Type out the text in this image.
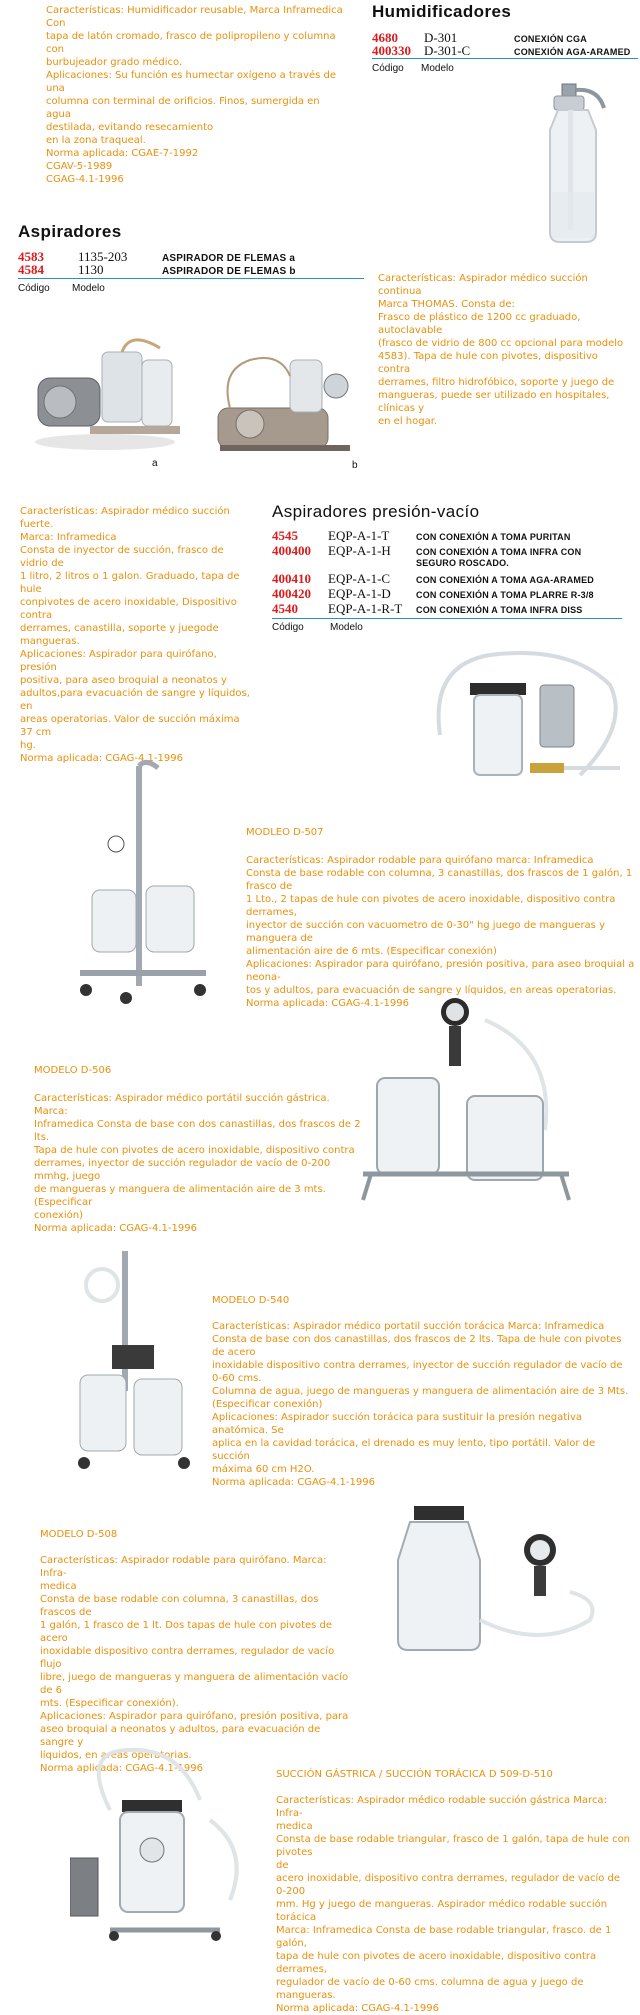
Características: Humidificador reusable, Marca Inframedica Con

tapa de latón cromado, frasco de polipropileno y columna con

burbujeador grado médico.

Aplicaciones: Su función es humectar oxígeno a través de una

columna con terminal de orificios. Finos, sumergida en agua

destilada, evitando resecamiento

en la zona traqueal.

Norma aplicada: CGAE-7-1992

CGAV-5-1989

CGAG-4.1-1996

Humidificadores
4680	D-301	CONEXIÓN CGA
400330	D-301-C	CONEXIÓN AGA-ARAMED
Código Modelo
Aspiradores
4583	1135-203	ASPIRADOR DE FLEMAS a
4584	1130	ASPIRADOR DE FLEMAS b
Código Modelo

Características: Aspirador médico succión continua

Marca THOMAS. Consta de:

Frasco de plástico de 1200 cc graduado, autoclavable

(frasco de vidrio de 800 cc opcional para modelo

4583). Tapa de hule con pivotes, dispositivo contra

derrames, filtro hidrofóbico, soporte y juego de

mangueras, puede ser utilizado en hospitales, clínicas y

en el hogar.

a	b

Características: Aspirador médico succión fuerte.

Marca: Inframedica

Consta de inyector de succión, frasco de vidrio de

1 litro, 2 litros o 1 galon. Graduado, tapa de hule

conpivotes de acero inoxidable, Dispositivo contra

derrames, canastilla, soporte y juegode

mangueras.

Aplicaciones: Aspirador para quirófano, presión

positiva, para aseo broquial a neonatos y

adultos,para evacuación de sangre y líquidos, en

areas operatorias. Valor de succión máxima 37 cm

hg.

Norma aplicada: CGAG-4.1-1996

Aspiradores presión-vacío
4545	EQP-A-1-T	CON CONEXIÓN A TOMA PURITAN
400400	EQP-A-1-H	CON CONEXIÓN A TOMA INFRA CON
SEGURO ROSCADO.
400410	EQP-A-1-C	CON CONEXIÓN A TOMA AGA-ARAMED
400420	EQP-A-1-D	CON CONEXIÓN A TOMA PLARRE R-3/8
4540	EQP-A-1-R-T	CON CONEXIÓN A TOMA INFRA DISS
Código	Modelo
MODLEO D-507

Características: Aspirador rodable para quirófano marca: Inframedica

Consta de base rodable con columna, 3 canastillas, dos frascos de 1 galón, 1 frasco de

1 Lto., 2 tapas de hule con pivotes de acero inoxidable, dispositivo contra derrames,

inyector de succión con vacuometro de 0-30" hg juego de mangueras y manguera de

alimentación aire de 6 mts. (Especificar conexión)

Aplicaciones: Aspirador para quirófano, presión positiva, para aseo broquial a neona-

tos y adultos, para evacuación de sangre y líquidos, en areas operatorias.

Norma aplicada: CGAG-4.1-1996

MODELO D-506

Características: Aspirador médico portátil succión gástrica. Marca:

Inframedica Consta de base con dos canastillas, dos frascos de 2 lts.

Tapa de hule con pivotes de acero inoxidable, dispositivo contra

derrames, inyector de succión regulador de vacío de 0-200 mmhg, juego

de mangueras y manguera de alimentación aire de 3 mts. (Especificar

conexión)

Norma aplicada: CGAG-4.1-1996

MODELO D-540

Características: Aspirador médico portatil succión torácica Marca: Inframedica

Consta de base con dos canastillas, dos frascos de 2 lts. Tapa de hule con pivotes de acero

inoxidable dispositivo contra derrames, inyector de succión regulador de vacío de 0-60 cms.

Columna de agua, juego de mangueras y manguera de alimentación aire de 3 Mts.

(Especificar conexión)

Aplicaciones: Aspirador succión torácica para sustituir la presión negativa anatómica. Se

aplica en la cavidad torácica, el drenado es muy lento, tipo portátil. Valor de succión

máxima 60 cm H2O.

Norma aplicada: CGAG-4.1-1996

MODELO D-508

Características: Aspirador rodable para quirófano. Marca: Infra-

medica

Consta de base rodable con columna, 3 canastillas, dos frascos de

1 galón, 1 frasco de 1 lt. Dos tapas de hule con pivotes de acero

inoxidable dispositivo contra derrames, regulador de vacío flujo

libre, juego de mangueras y manguera de alimentación vacío de 6

mts. (Especificar conexión).

Aplicaciones: Aspirador para quirófano, presión positiva, para

aseo broquial a neonatos y adultos, para evacuación de sangre y

líquidos, en areas operatorias.

Norma aplicada: CGAG-4.1-1996

SUCCIÓN GÁSTRICA / SUCCIÓN TORÁCICA D 509-D-510

Características: Aspirador médico rodable succión gástrica Marca: Infra-

medica

Consta de base rodable triangular, frasco de 1 galón, tapa de hule con pivotes

de

acero inoxidable, dispositivo contra derrames, regulador de vacío de 0-200

mm. Hg y juego de mangueras. Aspirador médico rodable succión torácica

Marca: Inframedica Consta de base rodable triangular, frasco. de 1 galón,

tapa de hule con pivotes de acero inoxidable, dispositivo contra derrames,

regulador de vacío de 0-60 cms. columna de agua y juego de mangueras.

Norma aplicada: CGAG-4.1-1996
